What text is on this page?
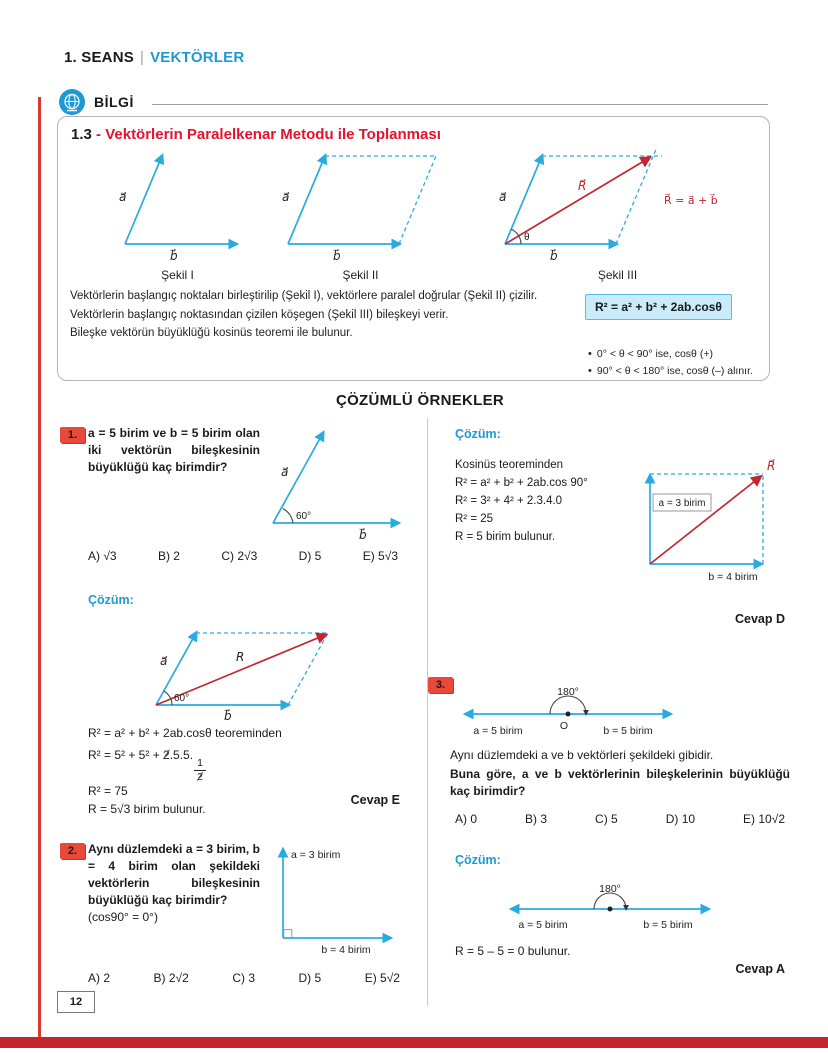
12
1. SEANS | VEKTÖRLER
BİLGİ
1.3 - Vektörlerin Paralelkenar Metodu ile Toplanması
a⃗
b⃗
Şekil I
a⃗
b⃗
Şekil II
θ
a⃗
b⃗
R⃗
R⃗ = a⃗ + b⃗
Şekil III
Vektörlerin başlangıç noktaları birleştirilip (Şekil I), vektörlere paralel doğrular (Şekil II) çizilir.
Vektörlerin başlangıç noktasından çizilen köşegen (Şekil III) bileşkeyi verir.
Bileşke vektörün büyüklüğü kosinüs teoremi ile bulunur.
R² = a² + b² + 2ab.cosθ
• 0° < θ < 90° ise, cosθ (+)
• 90° < θ < 180° ise, cosθ (–) alınır.
ÇÖZÜMLÜ ÖRNEKLER
1. a = 5 birim ve b = 5 birim olan iki vektörün bileşkesinin büyüklüğü kaç birimdir?
60°
a⃗
b⃗
A) √3	B) 2	C) 2√3	D) 5	E) 5√3
Çözüm:
60°
a⃗	R
b⃗
R² = a² + b² + 2ab.cosθ teoreminden
R² = 5² + 5² + 2.5.5.
$\frac{1}{2}$
R² = 75
R = 5√3 birim bulunur.
Cevap E
2. Aynı düzlemdeki a = 3 birim, b = 4 birim olan şekildeki vektörlerin bileşkesinin büyüklüğü kaç birimdir?
(cos90° = 0°)
a = 3 birim
b = 4 birim
A) 2	B) 2√2	C) 3	D) 5	E) 5√2
Çözüm:
Kosinüs teoreminden
R² = a² + b² + 2ab.cos 90°
R² = 3² + 4² + 2.3.4.0
R² = 25
R = 5 birim bulunur.
R⃗
a = 3 birim
b = 4 birim
Cevap D
3.
180°
O
a = 5 birim	b = 5 birim
Aynı düzlemdeki a ve b vektörleri şekildeki gibidir.
Buna göre, a ve b vektörlerinin bileşkelerinin büyüklüğü kaç birimdir?
A) 0	B) 3	C) 5	D) 10	E) 10√2
Çözüm:
180°
a = 5 birim	b = 5 birim
R = 5 – 5 = 0 bulunur.
Cevap A
